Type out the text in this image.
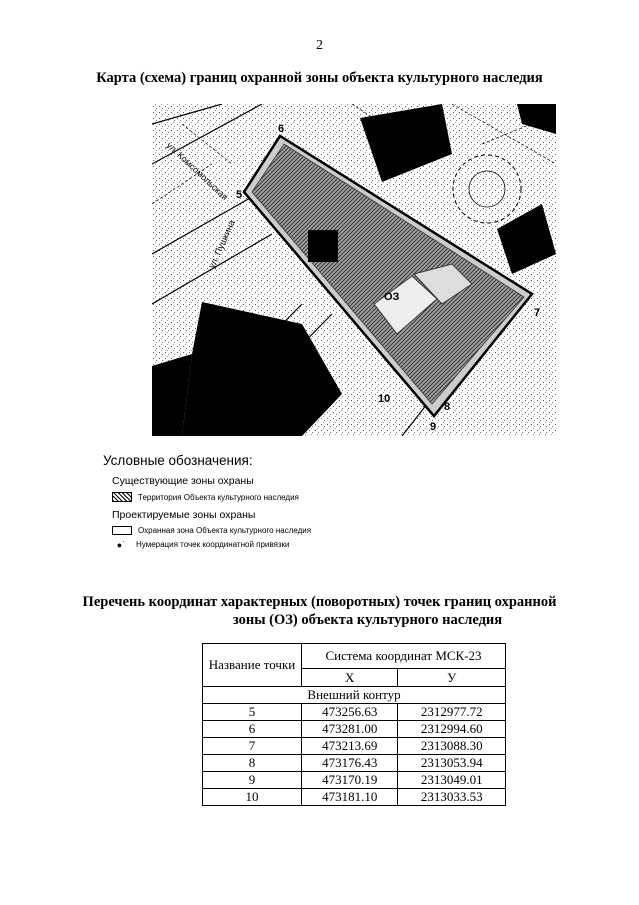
2
Карта (схема) границ охранной зоны объекта культурного наследия
ул. Комсомольская
ул. Пушкина
ОЗ
5
6
7
8
9
10
Условные обозначения:
Существующие зоны охраны
Территория Объекта культурного наследия
Проектируемые зоны охраны
Охранная зона Объекта культурного наследия
●˙	Нумерация точек координатной привязки
Перечень координат характерных (поворотных) точек границ охранной
зоны (ОЗ) объекта культурного наследия
Название точки	Система координат МСК-23	
	X	У
Внешний контур		
5	473256.63	2312977.72
6	473281.00	2312994.60
7	473213.69	2313088.30
8	473176.43	2313053.94
9	473170.19	2313049.01
10	473181.10	2313033.53
